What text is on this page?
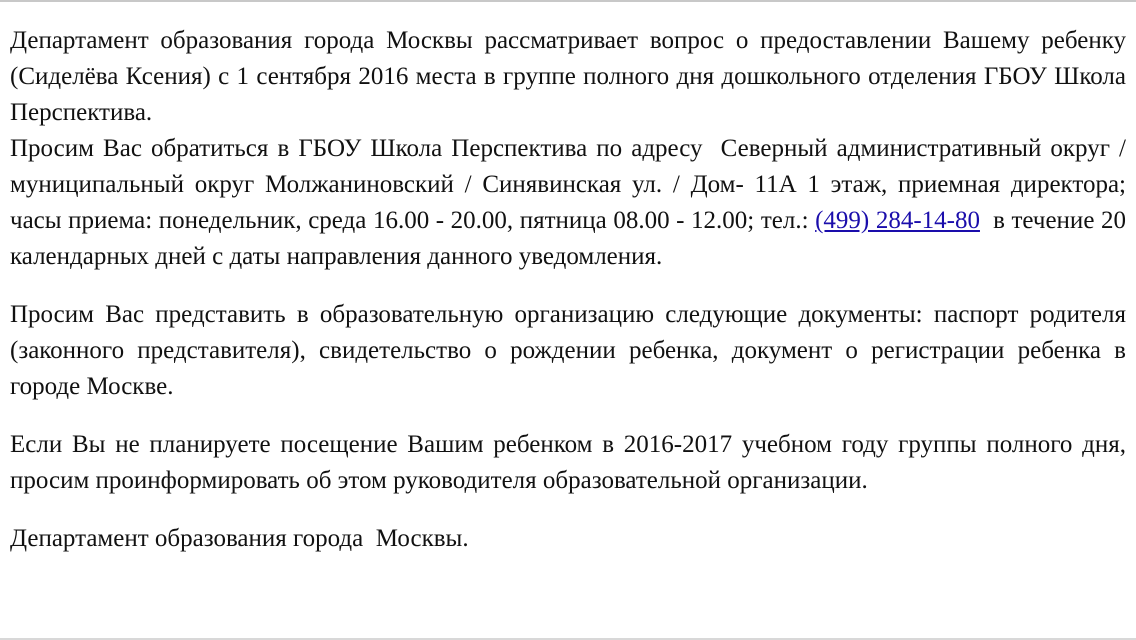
Департамент образования города Москвы рассматривает вопрос о предоставлении Вашему ребенку (Сиделёва Ксения) с 1 сентября 2016 места в группе полного дня дошкольного отделения ГБОУ Школа Перспектива.

Просим Вас обратиться в ГБОУ Школа Перспектива по адресу  Северный административный округ / муниципальный округ Молжаниновский / Синявинская ул. / Дом- 11А 1 этаж, приемная директора; часы приема: понедельник, среда 16.00 - 20.00, пятница 08.00 - 12.00; тел.: (499) 284-14-80  в течение 20 календарных дней с даты направления данного уведомления.

Просим Вас представить в образовательную организацию следующие документы: паспорт родителя (законного представителя), свидетельство о рождении ребенка, документ о регистрации ребенка в городе Москве.

Если Вы не планируете посещение Вашим ребенком в 2016-2017 учебном году группы полного дня, просим проинформировать об этом руководителя образовательной организации.

Департамент образования города  Москвы.
